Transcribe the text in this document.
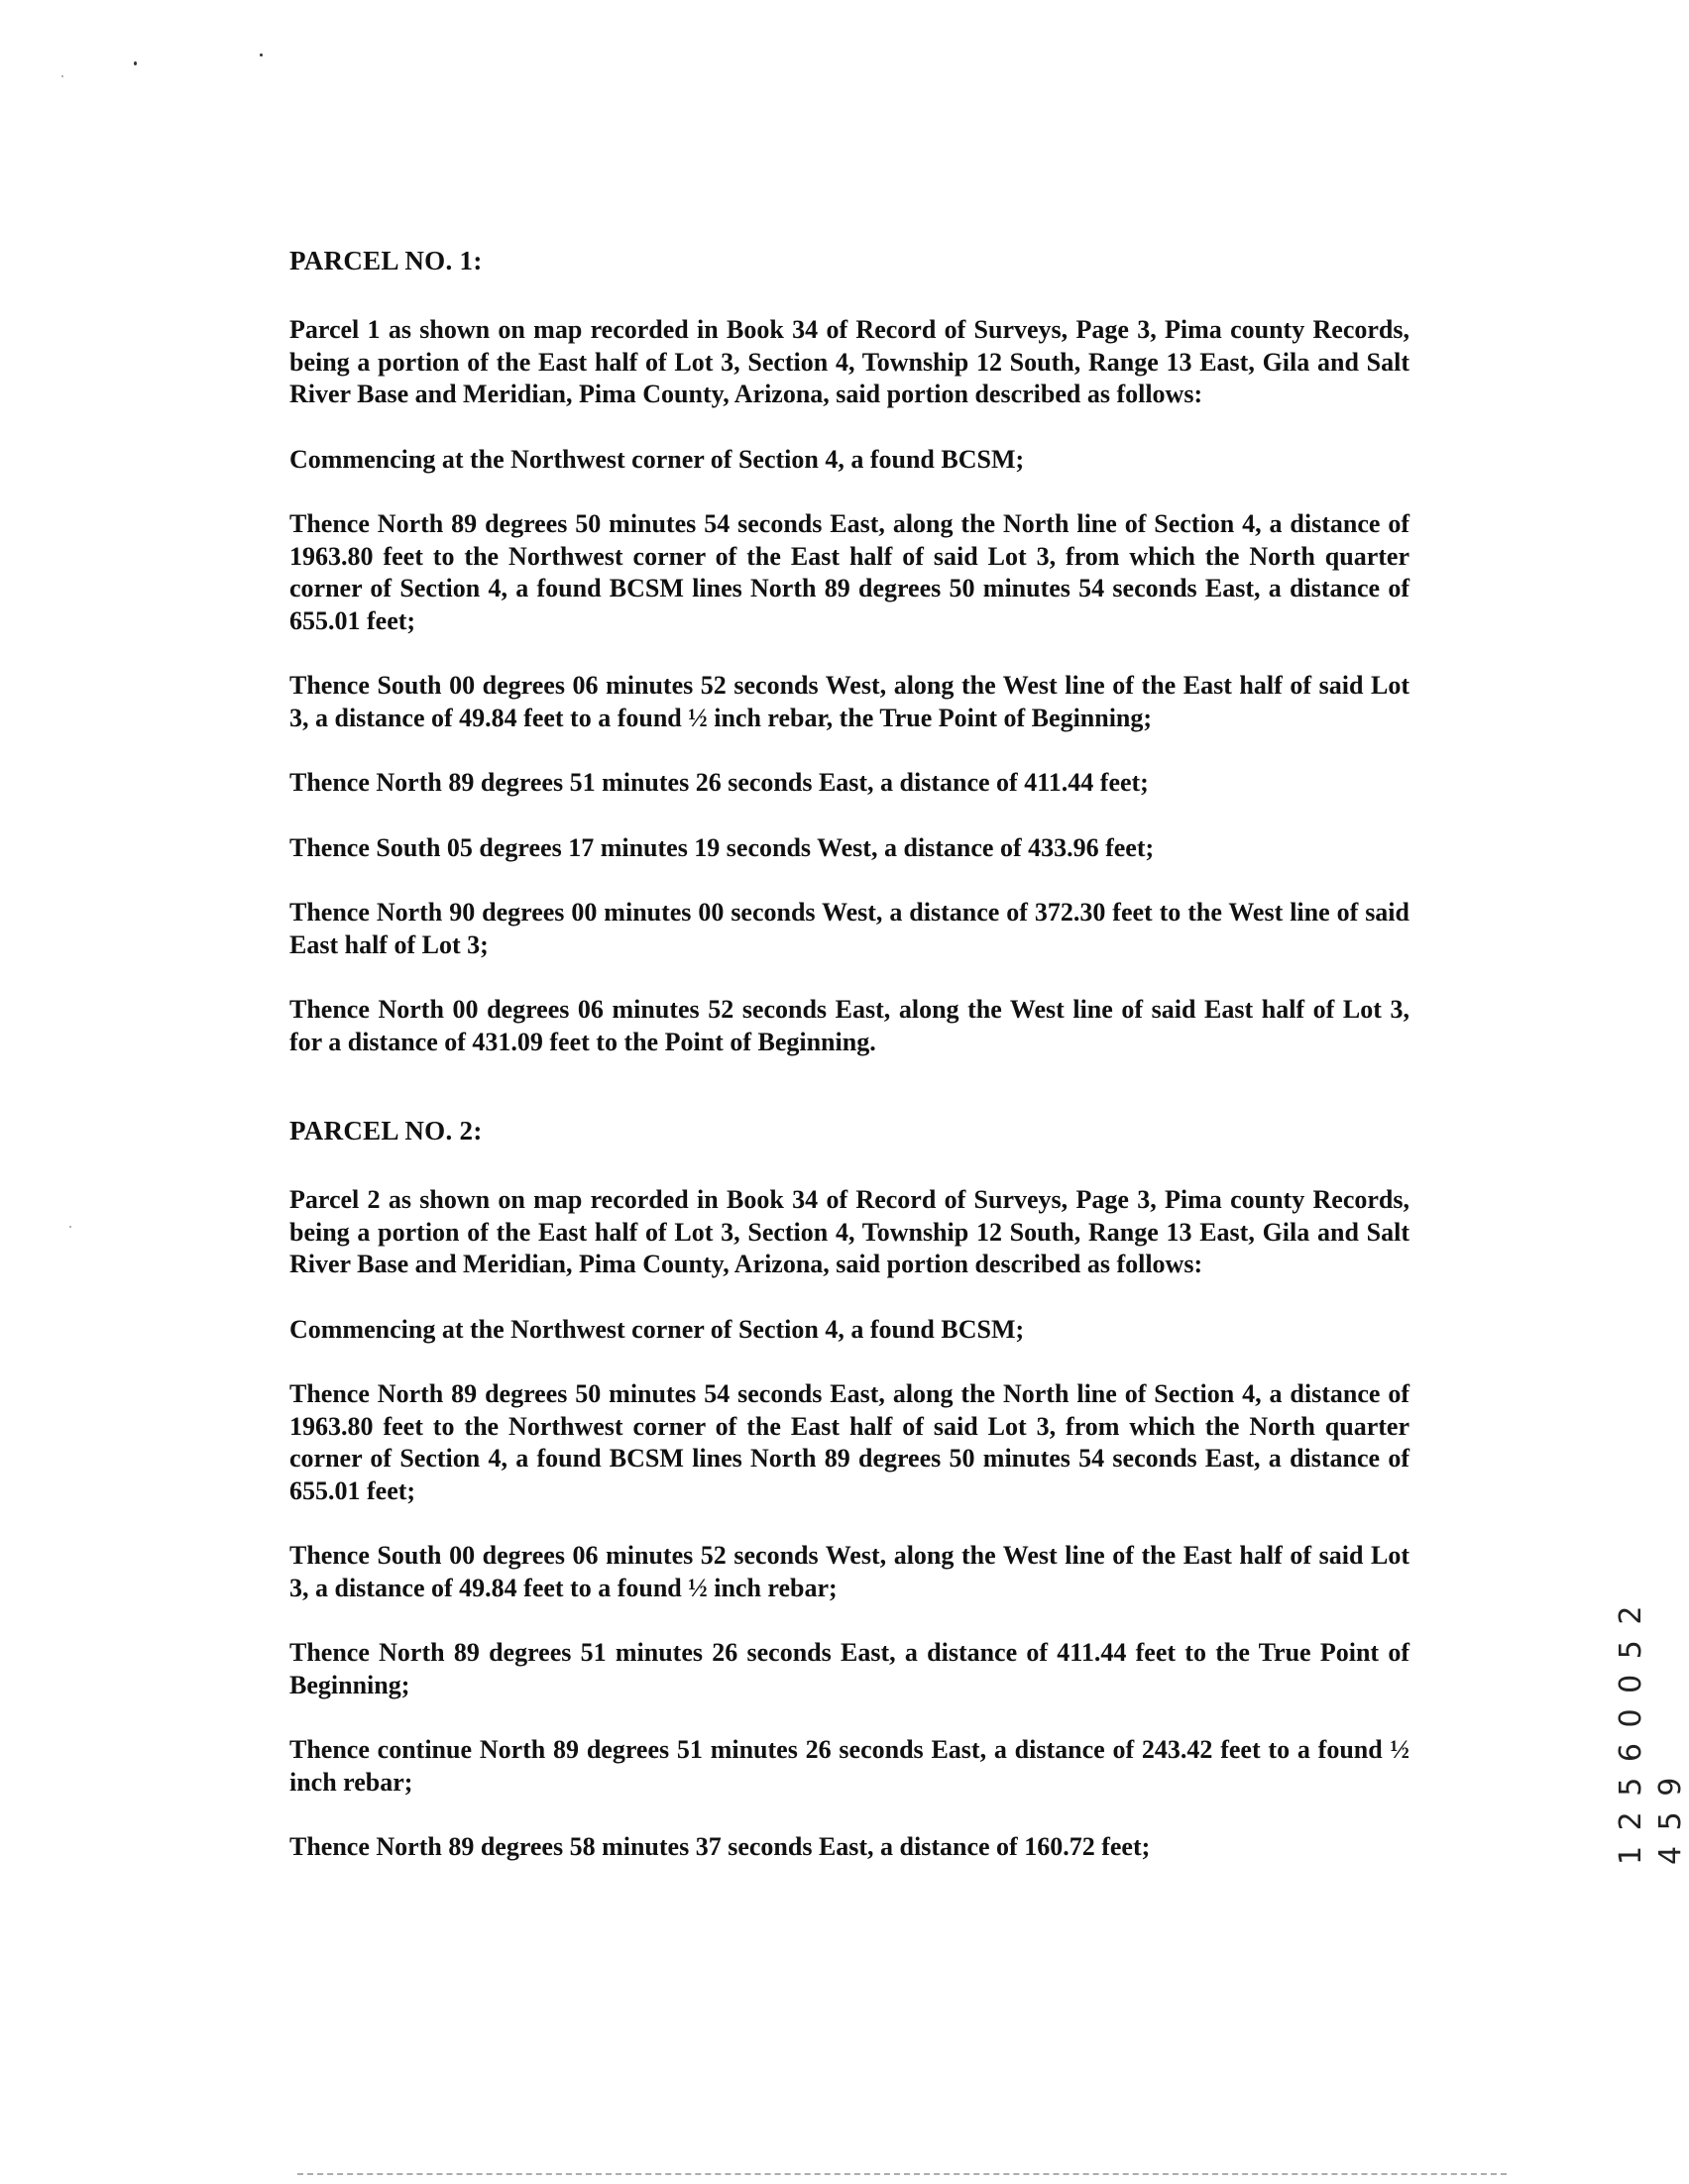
PARCEL NO. 1:

Parcel 1 as shown on map recorded in Book 34 of Record of Surveys, Page 3, Pima county Records, being a portion of the East half of Lot 3, Section 4, Township 12 South, Range 13 East, Gila and Salt River Base and Meridian, Pima County, Arizona, said portion described as follows:

Commencing at the Northwest corner of Section 4, a found BCSM;

Thence North 89 degrees 50 minutes 54 seconds East, along the North line of Section 4, a distance of 1963.80 feet to the Northwest corner of the East half of said Lot 3, from which the North quarter corner of Section 4, a found BCSM lines North 89 degrees 50 minutes 54 seconds East, a distance of 655.01 feet;

Thence South 00 degrees 06 minutes 52 seconds West, along the West line of the East half of said Lot 3, a distance of 49.84 feet to a found ½ inch rebar, the True Point of Beginning;

Thence North 89 degrees 51 minutes 26 seconds East, a distance of 411.44 feet;

Thence South 05 degrees 17 minutes 19 seconds West, a distance of 433.96 feet;

Thence North 90 degrees 00 minutes 00 seconds West, a distance of 372.30 feet to the West line of said East half of Lot 3;

Thence North 00 degrees 06 minutes 52 seconds East, along the West line of said East half of Lot 3, for a distance of 431.09 feet to the Point of Beginning.

PARCEL NO. 2:

Parcel 2 as shown on map recorded in Book 34 of Record of Surveys, Page 3, Pima county Records, being a portion of the East half of Lot 3, Section 4, Township 12 South, Range 13 East, Gila and Salt River Base and Meridian, Pima County, Arizona, said portion described as follows:

Commencing at the Northwest corner of Section 4, a found BCSM;

Thence North 89 degrees 50 minutes 54 seconds East, along the North line of Section 4, a distance of 1963.80 feet to the Northwest corner of the East half of said Lot 3, from which the North quarter corner of Section 4, a found BCSM lines North 89 degrees 50 minutes 54 seconds East, a distance of 655.01 feet;

Thence South 00 degrees 06 minutes 52 seconds West, along the West line of the East half of said Lot 3, a distance of 49.84 feet to a found ½ inch rebar;

Thence North 89 degrees 51 minutes 26 seconds East, a distance of 411.44 feet to the True Point of Beginning;

Thence continue North 89 degrees 51 minutes 26 seconds East, a distance of 243.42 feet to a found ½ inch rebar;

Thence North 89 degrees 58 minutes 37 seconds East, a distance of 160.72 feet;	1 2 5 6 0 0 5 2 4 5 9
